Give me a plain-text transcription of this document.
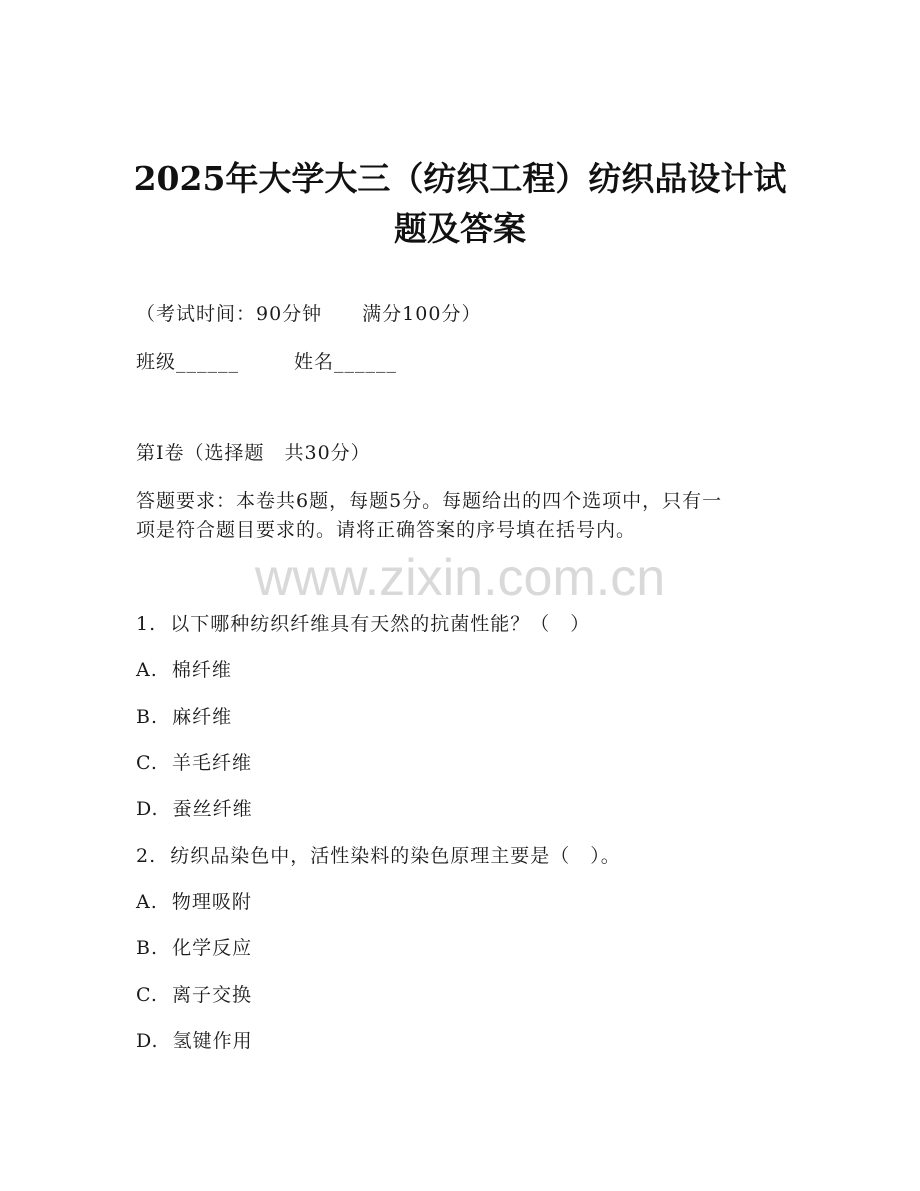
2025年大学大三（纺织工程）纺织品设计试
题及答案
（考试时间：90分钟　　满分100分）
班级______	姓名______
第I卷（选择题　共30分）
答题要求：本卷共6题，每题5分。每题给出的四个选项中，只有一
项是符合题目要求的。请将正确答案的序号填在括号内。
www.zixin.com.cn
1.  以下哪种纺织纤维具有天然的抗菌性能？（　）
A.  棉纤维
B.  麻纤维
C.  羊毛纤维
D.  蚕丝纤维
2.  纺织品染色中，活性染料的染色原理主要是（　）。
A.  物理吸附
B.  化学反应
C.  离子交换
D.  氢键作用
